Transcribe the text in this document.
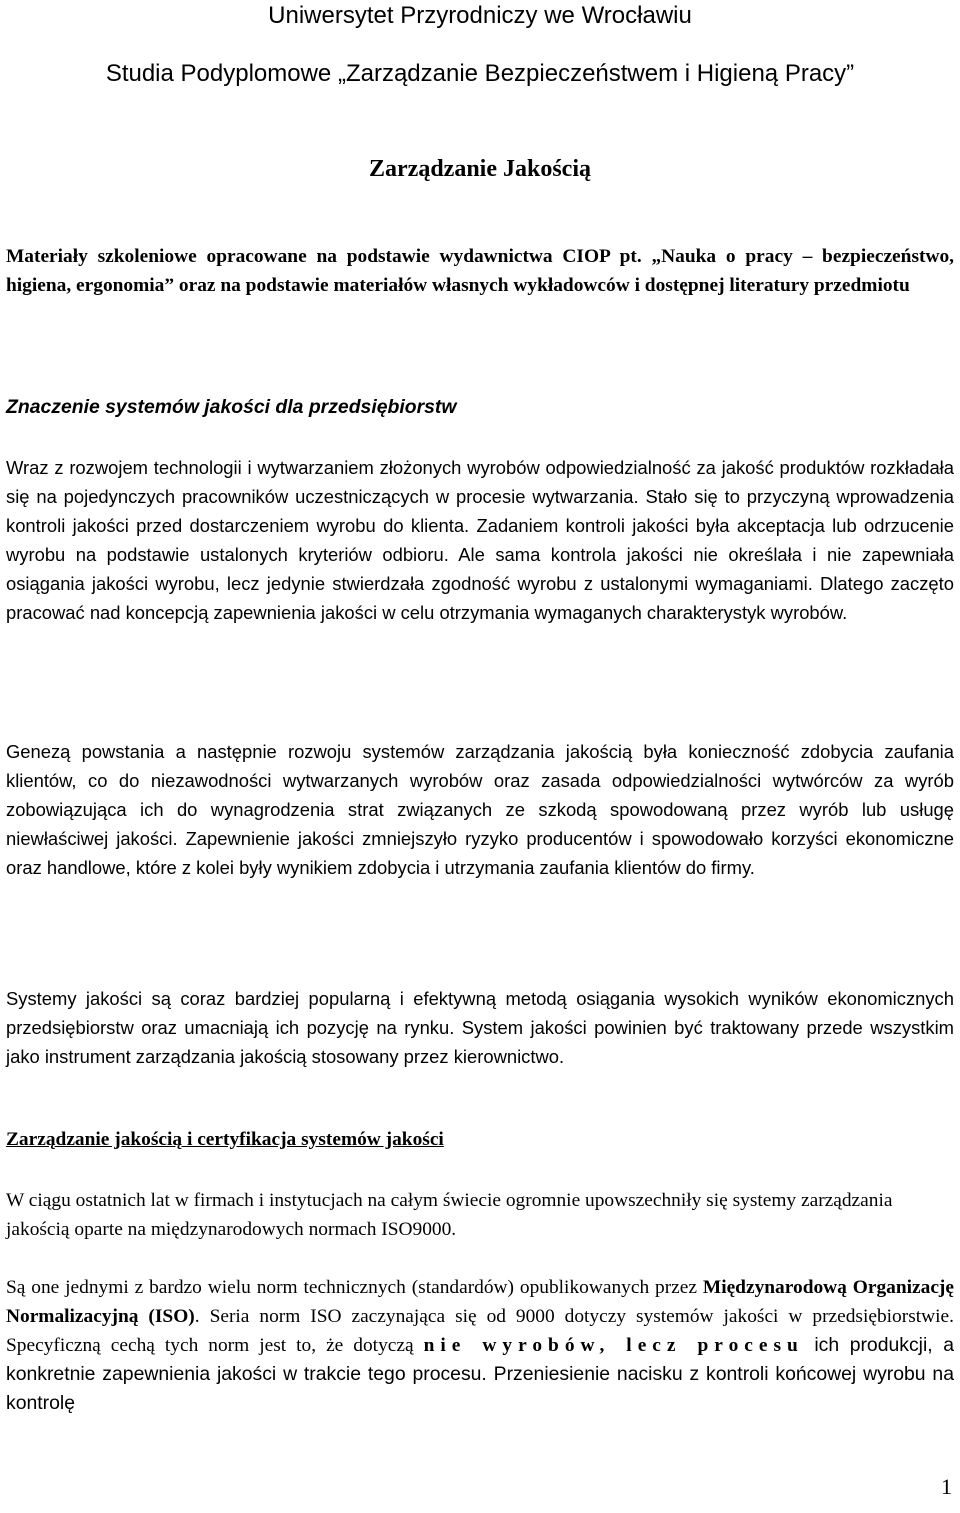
Uniwersytet Przyrodniczy we Wrocławiu
Studia Podyplomowe „Zarządzanie Bezpieczeństwem i Higieną Pracy”
Zarządzanie Jakością
Materiały szkoleniowe opracowane na podstawie wydawnictwa CIOP pt. „Nauka o pracy – bezpieczeństwo, higiena, ergonomia” oraz na podstawie materiałów własnych wykładowców i dostępnej literatury przedmiotu
Znaczenie systemów jakości dla przedsiębiorstw

Wraz z rozwojem technologii i wytwarzaniem złożonych wyrobów odpowiedzialność za jakość produktów rozkładała się na pojedynczych pracowników uczestniczących w procesie wytwarzania. Stało się to przyczyną wprowadzenia kontroli jakości przed dostarczeniem wyrobu do klienta. Zadaniem kontroli jakości była akceptacja lub odrzucenie wyrobu na podstawie ustalonych kryteriów odbioru. Ale sama kontrola jakości nie określała i nie zapewniała osiągania jakości wyrobu, lecz jedynie stwierdzała zgodność wyrobu z ustalonymi wymaganiami. Dlatego zaczęto pracować nad koncepcją zapewnienia jakości w celu otrzymania wymaganych charakterystyk wyrobów.

Genezą powstania a następnie rozwoju systemów zarządzania jakością była konieczność zdobycia zaufania klientów, co do niezawodności wytwarzanych wyrobów oraz zasada odpowiedzialności wytwórców za wyrób zobowiązująca ich do wynagrodzenia strat związanych ze szkodą spowodowaną przez wyrób lub usługę niewłaściwej jakości. Zapewnienie jakości zmniejszyło ryzyko producentów i spowodowało korzyści ekonomiczne oraz handlowe, które z kolei były wynikiem zdobycia i utrzymania zaufania klientów do firmy.

Systemy jakości są coraz bardziej popularną i efektywną metodą osiągania wysokich wyników ekonomicznych przedsiębiorstw oraz umacniają ich pozycję na rynku. System jakości powinien być traktowany przede wszystkim jako instrument zarządzania jakością stosowany przez kierownictwo.

Zarządzanie jakością i certyfikacja systemów jakości

W ciągu ostatnich lat w firmach i instytucjach na całym świecie ogromnie upowszechniły się systemy zarządzania jakością oparte na międzynarodowych normach ISO9000.

Są one jednymi z bardzo wielu norm technicznych (standardów) opublikowanych przez Międzynarodową Organizację Normalizacyjną (ISO). Seria norm ISO zaczynająca się od 9000 dotyczy systemów jakości w przedsiębiorstwie. Specyficzną cechą tych norm jest to, że dotyczą nie wyrobów, lecz procesu ich produkcji, a konkretnie zapewnienia jakości w trakcie tego procesu. Przeniesienie nacisku z kontroli końcowej wyrobu na kontrolę

1
